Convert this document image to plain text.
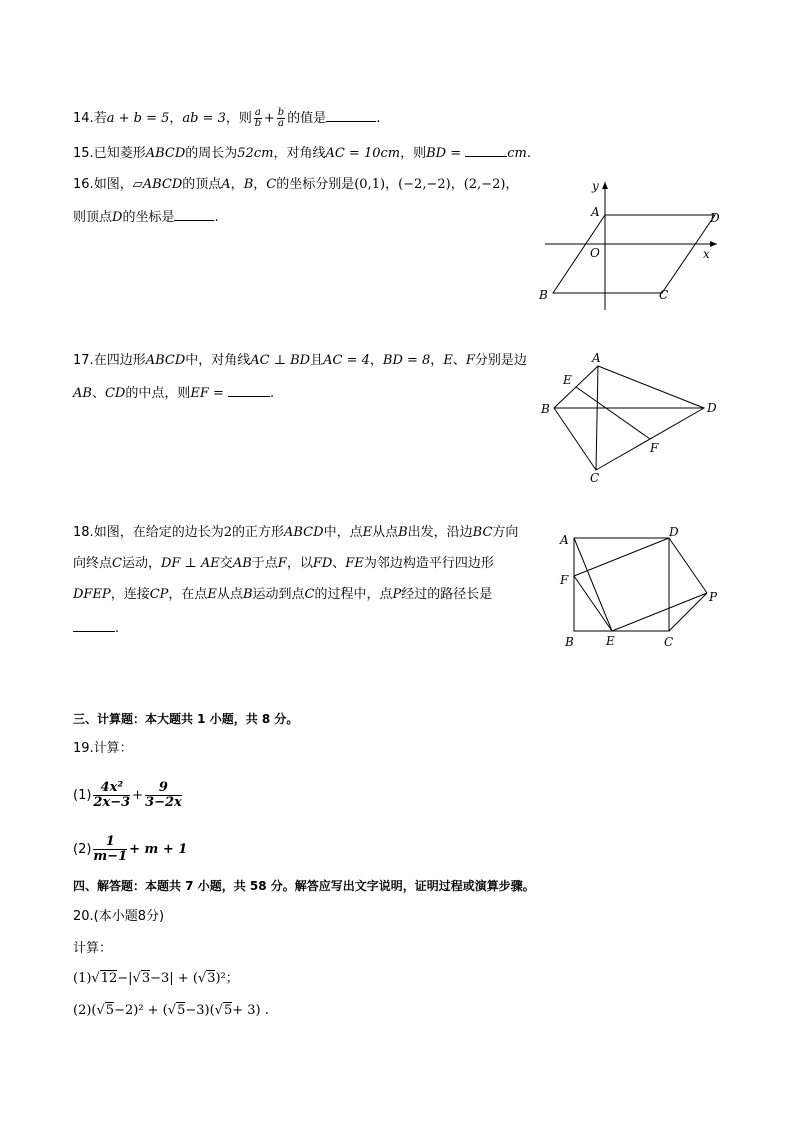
14.若a + b = 5，ab = 3，则 $\frac{a}{b} + \frac{b}{a}$ 的值是	.
15.已知菱形ABCD的周长为52cm，对角线AC = 10cm，则BD =	cm.
16.如图，▱ABCD的顶点A，B，C的坐标分别是(0,1)，(−2,−2)，(2,−2)，
则顶点D的坐标是	.
y
x
A	D
O
B	C
17.在四边形ABCD中，对角线AC ⊥ BD且AC = 4，BD = 8，E、F分别是边
AB、CD的中点，则EF =	.
A
E
B	D
F
C
18.如图，在给定的边长为2的正方形ABCD中，点E从点B出发，沿边BC方向
向终点C运动，DF ⊥ AE交AB于点F，以FD、FE为邻边构造平行四边形
DFEP，连接CP，在点E从点B运动到点C的过程中，点P经过的路径长是
.
A
D
F
P
B	E	C
三、计算题：本大题共 1 小题，共 8 分。
19.计算：
$(1) \frac{\text{4x²}}{2x-3} + \frac{9}{3-2x}$
$(2) \frac{1}{m-1} + m + 1$
四、解答题：本题共 7 小题，共 58 分。解答应写出文字说明，证明过程或演算步骤。
20.(本小题8分)
计算：
(1)√12−|√3−3| + (√3)²；
(2)(√5−2)² + (√5−3)(√5+ 3) .
